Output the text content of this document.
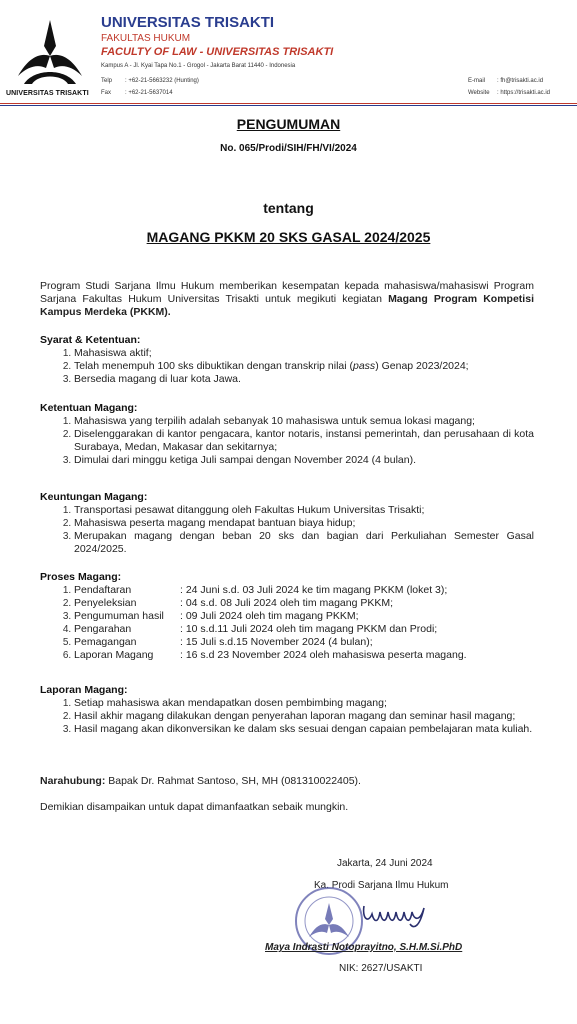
UNIVERSITAS TRISAKTI
UNIVERSITAS TRISAKTI
FAKULTAS HUKUM
FACULTY OF LAW - UNIVERSITAS TRISAKTI
Kampus A - Jl. Kyai Tapa No.1 - Grogol - Jakarta Barat 11440 - Indonesia
Telp : +62-21-5663232 (Hunting)
Fax : +62-21-5637014
E-mail : fh@trisakti.ac.id
Website : https://trisakti.ac.id
PENGUMUMAN
No. 065/Prodi/SIH/FH/VI/2024
tentang
MAGANG PKKM 20 SKS GASAL 2024/2025
Program Studi Sarjana Ilmu Hukum memberikan kesempatan kepada mahasiswa/mahasiswi Program Sarjana Fakultas Hukum Universitas Trisakti untuk megikuti kegiatan Magang Program Kompetisi Kampus Merdeka (PKKM).
Syarat & Ketentuan:
1. Mahasiswa aktif;
2. Telah menempuh 100 sks dibuktikan dengan transkrip nilai (pass) Genap 2023/2024;
3. Bersedia magang di luar kota Jawa.
Ketentuan Magang:
1. Mahasiswa yang terpilih adalah sebanyak 10 mahasiswa untuk semua lokasi magang;
2. Diselenggarakan di kantor pengacara, kantor notaris, instansi pemerintah, dan perusahaan di kota Surabaya, Medan, Makasar dan sekitarnya;
3. Dimulai dari minggu ketiga Juli sampai dengan November 2024 (4 bulan).
Keuntungan Magang:
1. Transportasi pesawat ditanggung oleh Fakultas Hukum Universitas Trisakti;
2. Mahasiswa peserta magang mendapat bantuan biaya hidup;
3. Merupakan magang dengan beban 20 sks dan bagian dari Perkuliahan Semester Gasal 2024/2025.
Proses Magang:
1. Pendaftaran	: 24 Juni s.d. 03 Juli 2024 ke tim magang PKKM (loket 3);
2. Penyeleksian	: 04 s.d. 08 Juli 2024 oleh tim magang PKKM;
3. Pengumuman hasil : 09 Juli 2024 oleh tim magang PKKM;
4. Pengarahan	: 10 s.d.11 Juli 2024 oleh tim magang PKKM dan Prodi;
5. Pemagangan	: 15 Juli s.d.15 November 2024 (4 bulan);
6. Laporan Magang	: 16 s.d 23 November 2024 oleh mahasiswa peserta magang.
Laporan Magang:
1. Setiap mahasiswa akan mendapatkan dosen pembimbing magang;
2. Hasil akhir magang dilakukan dengan penyerahan laporan magang dan seminar hasil magang;
3. Hasil magang akan dikonversikan ke dalam sks sesuai dengan capaian pembelajaran mata kuliah.
Narahubung: Bapak Dr. Rahmat Santoso, SH, MH (081310022405).
Demikian disampaikan untuk dapat dimanfaatkan sebaik mungkin.
Jakarta, 24 Juni 2024
Ka. Prodi Sarjana Ilmu Hukum
Maya Indrasti Notoprayitno, S.H.M.Si.PhD
NIK: 2627/USAKTI
